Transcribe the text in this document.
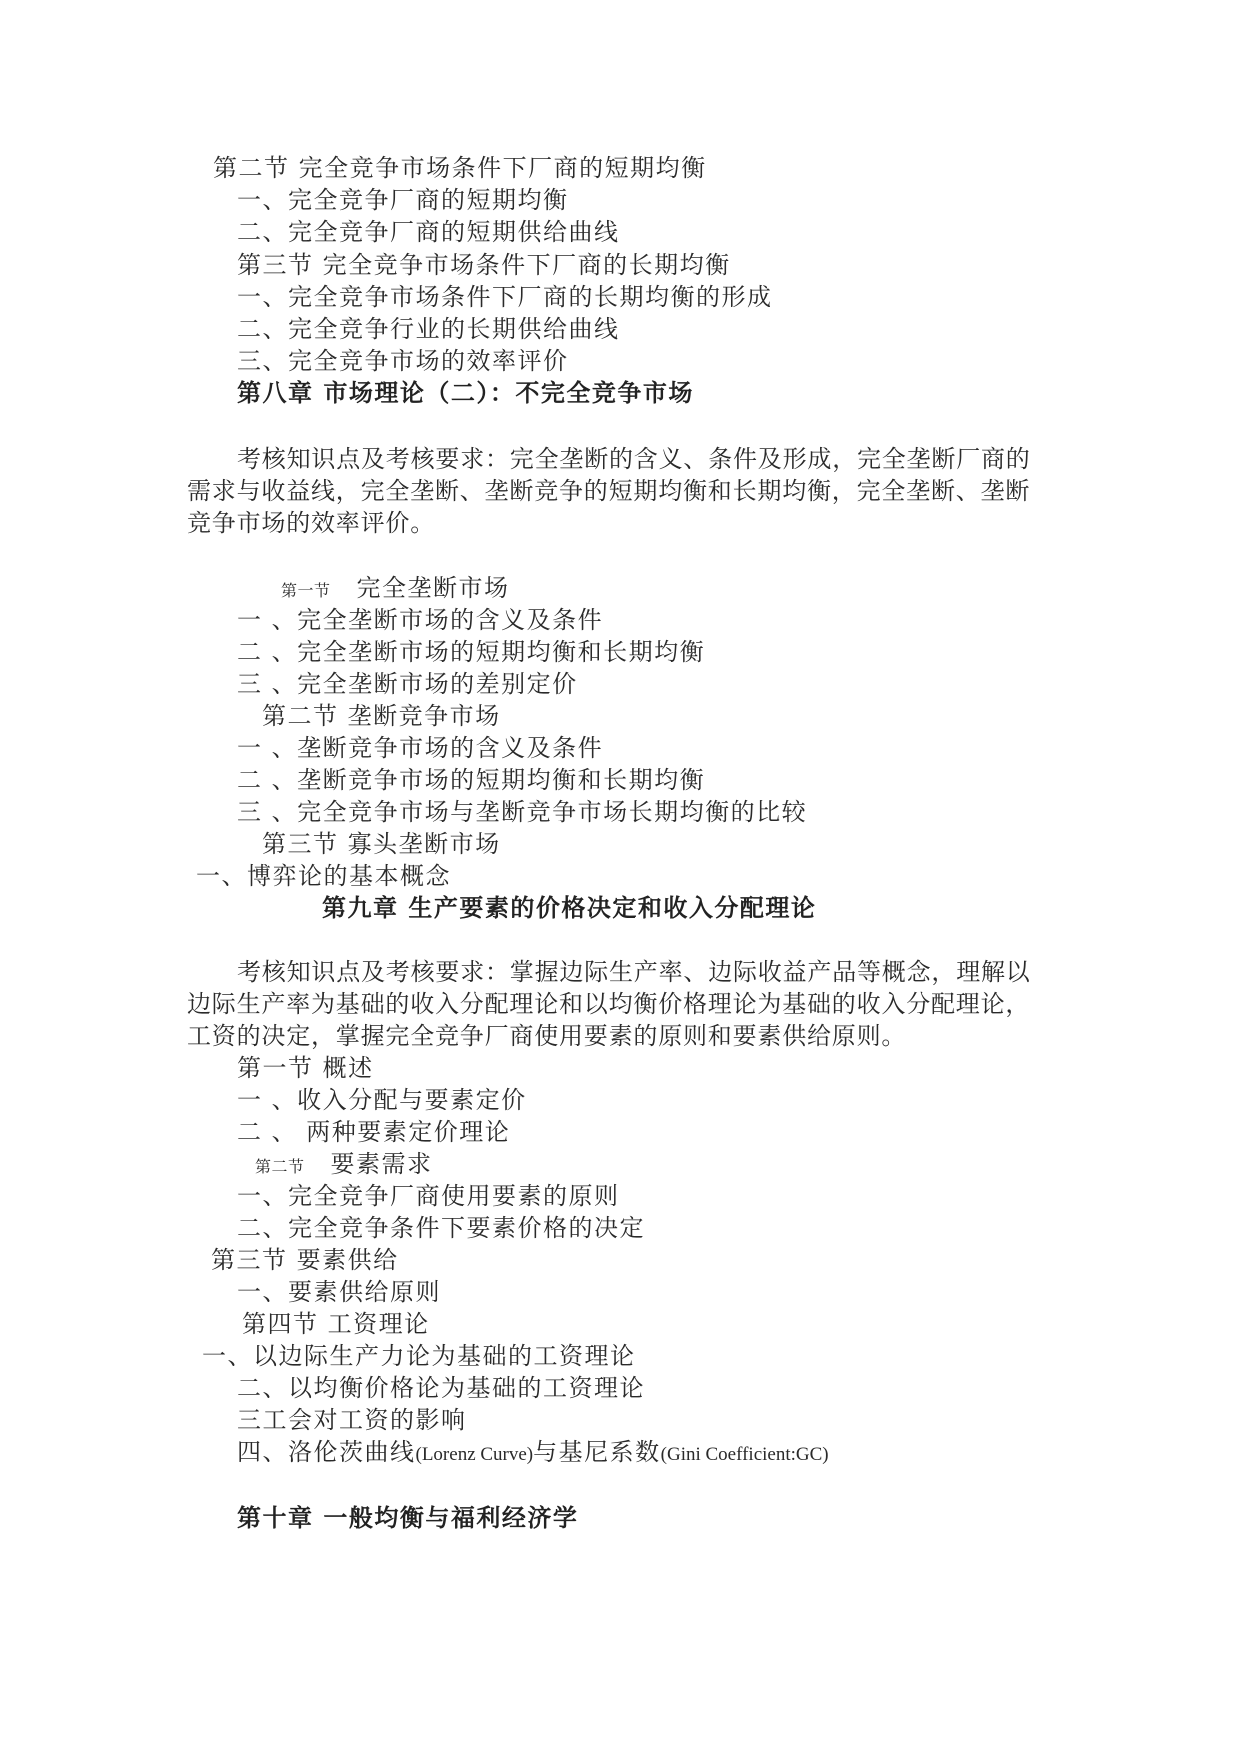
第二节 完全竞争市场条件下厂商的短期均衡

一、完全竞争厂商的短期均衡

二、完全竞争厂商的短期供给曲线

第三节 完全竞争市场条件下厂商的长期均衡

一、完全竞争市场条件下厂商的长期均衡的形成

二、完全竞争行业的长期供给曲线

三、完全竞争市场的效率评价

第八章 市场理论（二）：不完全竞争市场

考核知识点及考核要求：完全垄断的含义、条件及形成，完全垄断厂商的

需求与收益线，完全垄断、垄断竞争的短期均衡和长期均衡，完全垄断、垄断

竞争市场的效率评价。

第一节 完全垄断市场

一 、完全垄断市场的含义及条件

二 、完全垄断市场的短期均衡和长期均衡

三 、完全垄断市场的差别定价

第二节 垄断竞争市场

一 、垄断竞争市场的含义及条件

二 、垄断竞争市场的短期均衡和长期均衡

三 、完全竞争市场与垄断竞争市场长期均衡的比较

第三节 寡头垄断市场

一、博弈论的基本概念

第九章 生产要素的价格决定和收入分配理论

考核知识点及考核要求：掌握边际生产率、边际收益产品等概念，理解以

边际生产率为基础的收入分配理论和以均衡价格理论为基础的收入分配理论，

工资的决定，掌握完全竞争厂商使用要素的原则和要素供给原则。

第一节 概述

一 、收入分配与要素定价

二 、 两种要素定价理论

第二节 要素需求

一、完全竞争厂商使用要素的原则

二、完全竞争条件下要素价格的决定

第三节 要素供给

一、要素供给原则

第四节 工资理论

一、以边际生产力论为基础的工资理论

二、以均衡价格论为基础的工资理论

三工会对工资的影响

四、洛伦茨曲线(Lorenz Curve)与基尼系数(Gini Coefficient:GC)

第十章 一般均衡与福利经济学
